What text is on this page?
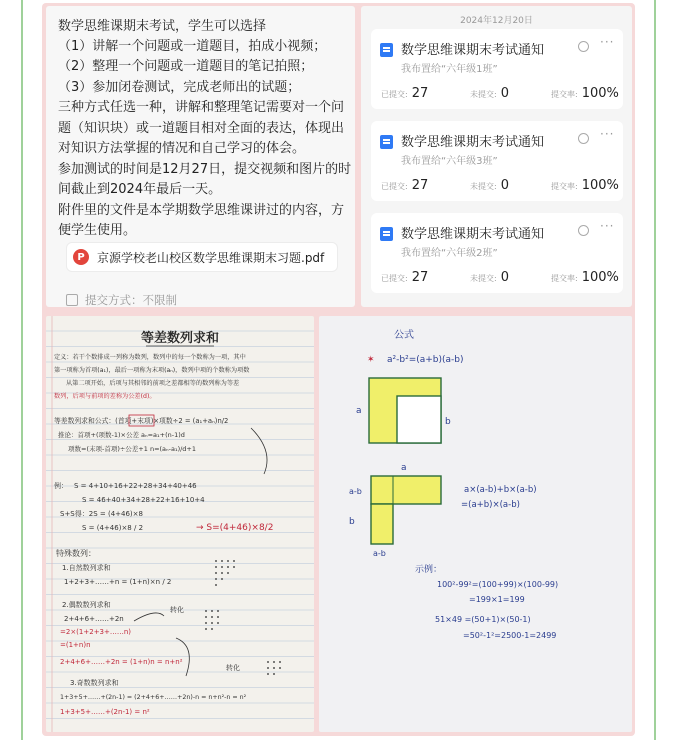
数学思维课期末考试，学生可以选择
（1）讲解一个问题或一道题目，拍成小视频；
（2）整理一个问题或一道题目的笔记拍照；
（3）参加闭卷测试，完成老师出的试题；
三种方式任选一种，讲解和整理笔记需要对一个问
题（知识块）或一道题目相对全面的表达，体现出
对知识方法掌握的情况和自己学习的体会。
参加测试的时间是12月27日，提交视频和图片的时
间截止到2024年最后一天。
附件里的文件是本学期数学思维课讲过的内容，方
便学生使用。
P	京源学校老山校区数学思维课期末习题.pdf
提交方式：不限制
2024年12月20日
数学思维课期末考试通知
···
我布置给“六年级1班”
已提交: 27	未提交: 0	提交率: 100%
数学思维课期末考试通知
···
我布置给“六年级3班”
已提交: 27	未提交: 0	提交率: 100%
数学思维课期末考试通知
···
我布置给“六年级2班”
已提交: 27	未提交: 0	提交率: 100%
等差数列求和
定义：若干个数排成一列称为数列，数列中的每一个数称为一项，其中
第一项称为首项(a₁)，最后一项称为末项(aₙ)，数列中项的个数称为项数
从第二项开始，后项与其相邻的前项之差都相等的数列称为等差
数列，后项与前项的差称为公差(d)。
等差数列求和公式：(首项+末项)×项数÷2 = (a₁+aₙ)n/2
推论：首项+(项数-1)×公差 aₙ=a₁+(n-1)d
项数=(末项-首项)÷公差+1 n=(aₙ-a₁)/d+1
例： S = 4+10+16+22+28+34+40+46
S = 46+40+34+28+22+16+10+4
S+S得：2S = (4+46)×8
S = (4+46)×8 / 2	→ S=(4+46)×8/2
特殊数列：
1.自然数列求和
1+2+3+……+n = (1+n)×n / 2
2.偶数数列求和
2+4+6+……+2n
=2×(1+2+3+……n)
=(1+n)n
2+4+6+……+2n = (1+n)n = n+n²
转化
转化
3.奇数数列求和
1+3+5+……+(2n-1) = (2+4+6+……+2n)-n = n+n²-n = n²
1+3+5+……+(2n-1) = n²
公式
✶ a²-b²=(a+b)(a-b)
a
b
a
a-b
b
a-b
a×(a-b)+b×(a-b)
=(a+b)×(a-b)
示例：
100²-99²=(100+99)×(100-99)
=199×1=199
51×49 =(50+1)×(50-1)
=50²-1²=2500-1=2499
